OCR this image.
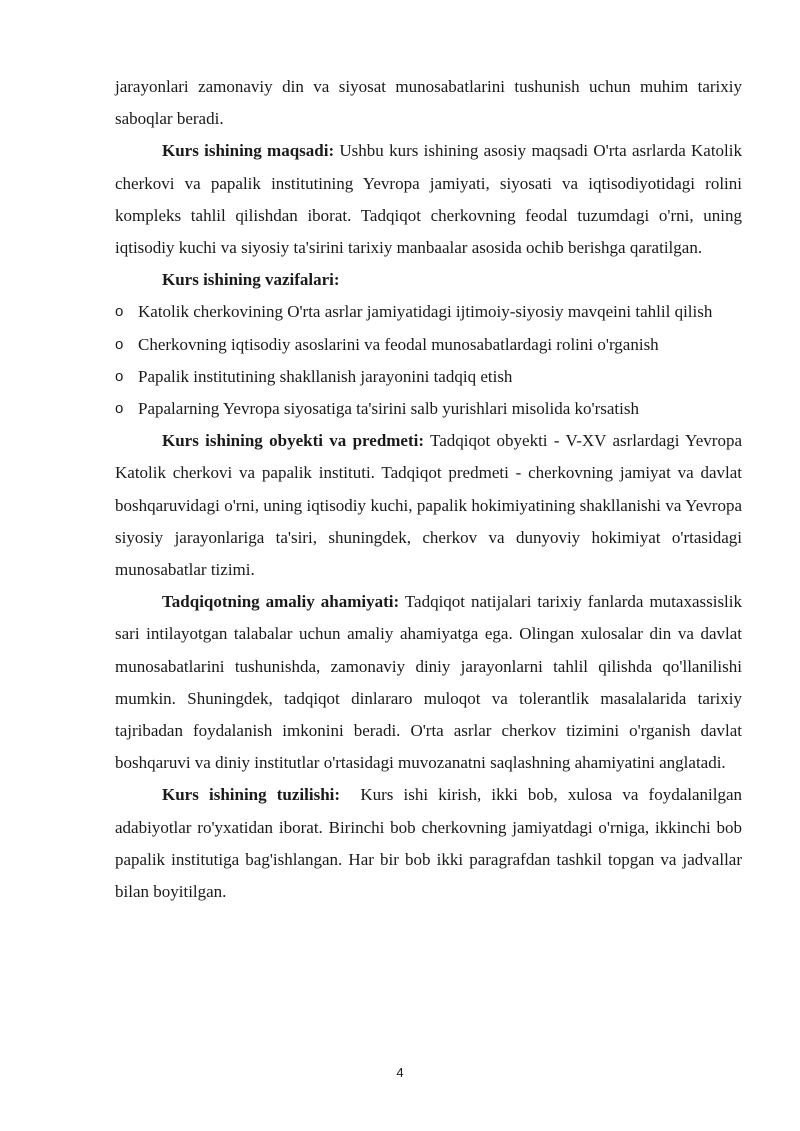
jarayonlari zamonaviy din va siyosat munosabatlarini tushunish uchun muhim tarixiy saboqlar beradi.

Kurs ishining maqsadi: Ushbu kurs ishining asosiy maqsadi O'rta asrlarda Katolik cherkovi va papalik institutining Yevropa jamiyati, siyosati va iqtisodiyotidagi rolini kompleks tahlil qilishdan iborat. Tadqiqot cherkovning feodal tuzumdagi o'rni, uning iqtisodiy kuchi va siyosiy ta'sirini tarixiy manbaalar asosida ochib berishga qaratilgan.

Kurs ishining vazifalari:

o Katolik cherkovining O'rta asrlar jamiyatidagi ijtimoiy-siyosiy mavqeini tahlil qilish
o Cherkovning iqtisodiy asoslarini va feodal munosabatlardagi rolini o'rganish
o Papalik institutining shakllanish jarayonini tadqiq etish
o Papalarning Yevropa siyosatiga ta'sirini salb yurishlari misolida ko'rsatish

Kurs ishining obyekti va predmeti: Tadqiqot obyekti - V-XV asrlardagi Yevropa Katolik cherkovi va papalik instituti. Tadqiqot predmeti - cherkovning jamiyat va davlat boshqaruvidagi o'rni, uning iqtisodiy kuchi, papalik hokimiyatining shakllanishi va Yevropa siyosiy jarayonlariga ta'siri, shuningdek, cherkov va dunyoviy hokimiyat o'rtasidagi munosabatlar tizimi.

Tadqiqotning amaliy ahamiyati: Tadqiqot natijalari tarixiy fanlarda mutaxassislik sari intilayotgan talabalar uchun amaliy ahamiyatga ega. Olingan xulosalar din va davlat munosabatlarini tushunishda, zamonaviy diniy jarayonlarni tahlil qilishda qo'llanilishi mumkin. Shuningdek, tadqiqot dinlararo muloqot va tolerantlik masalalarida tarixiy tajribadan foydalanish imkonini beradi. O'rta asrlar cherkov tizimini o'rganish davlat boshqaruvi va diniy institutlar o'rtasidagi muvozanatni saqlashning ahamiyatini anglatadi.

Kurs ishining tuzilishi:  Kurs ishi kirish, ikki bob, xulosa va foydalanilgan adabiyotlar ro'yxatidan iborat. Birinchi bob cherkovning jamiyatdagi o'rniga, ikkinchi bob papalik institutiga bag'ishlangan. Har bir bob ikki paragrafdan tashkil topgan va jadvallar bilan boyitilgan.

4
